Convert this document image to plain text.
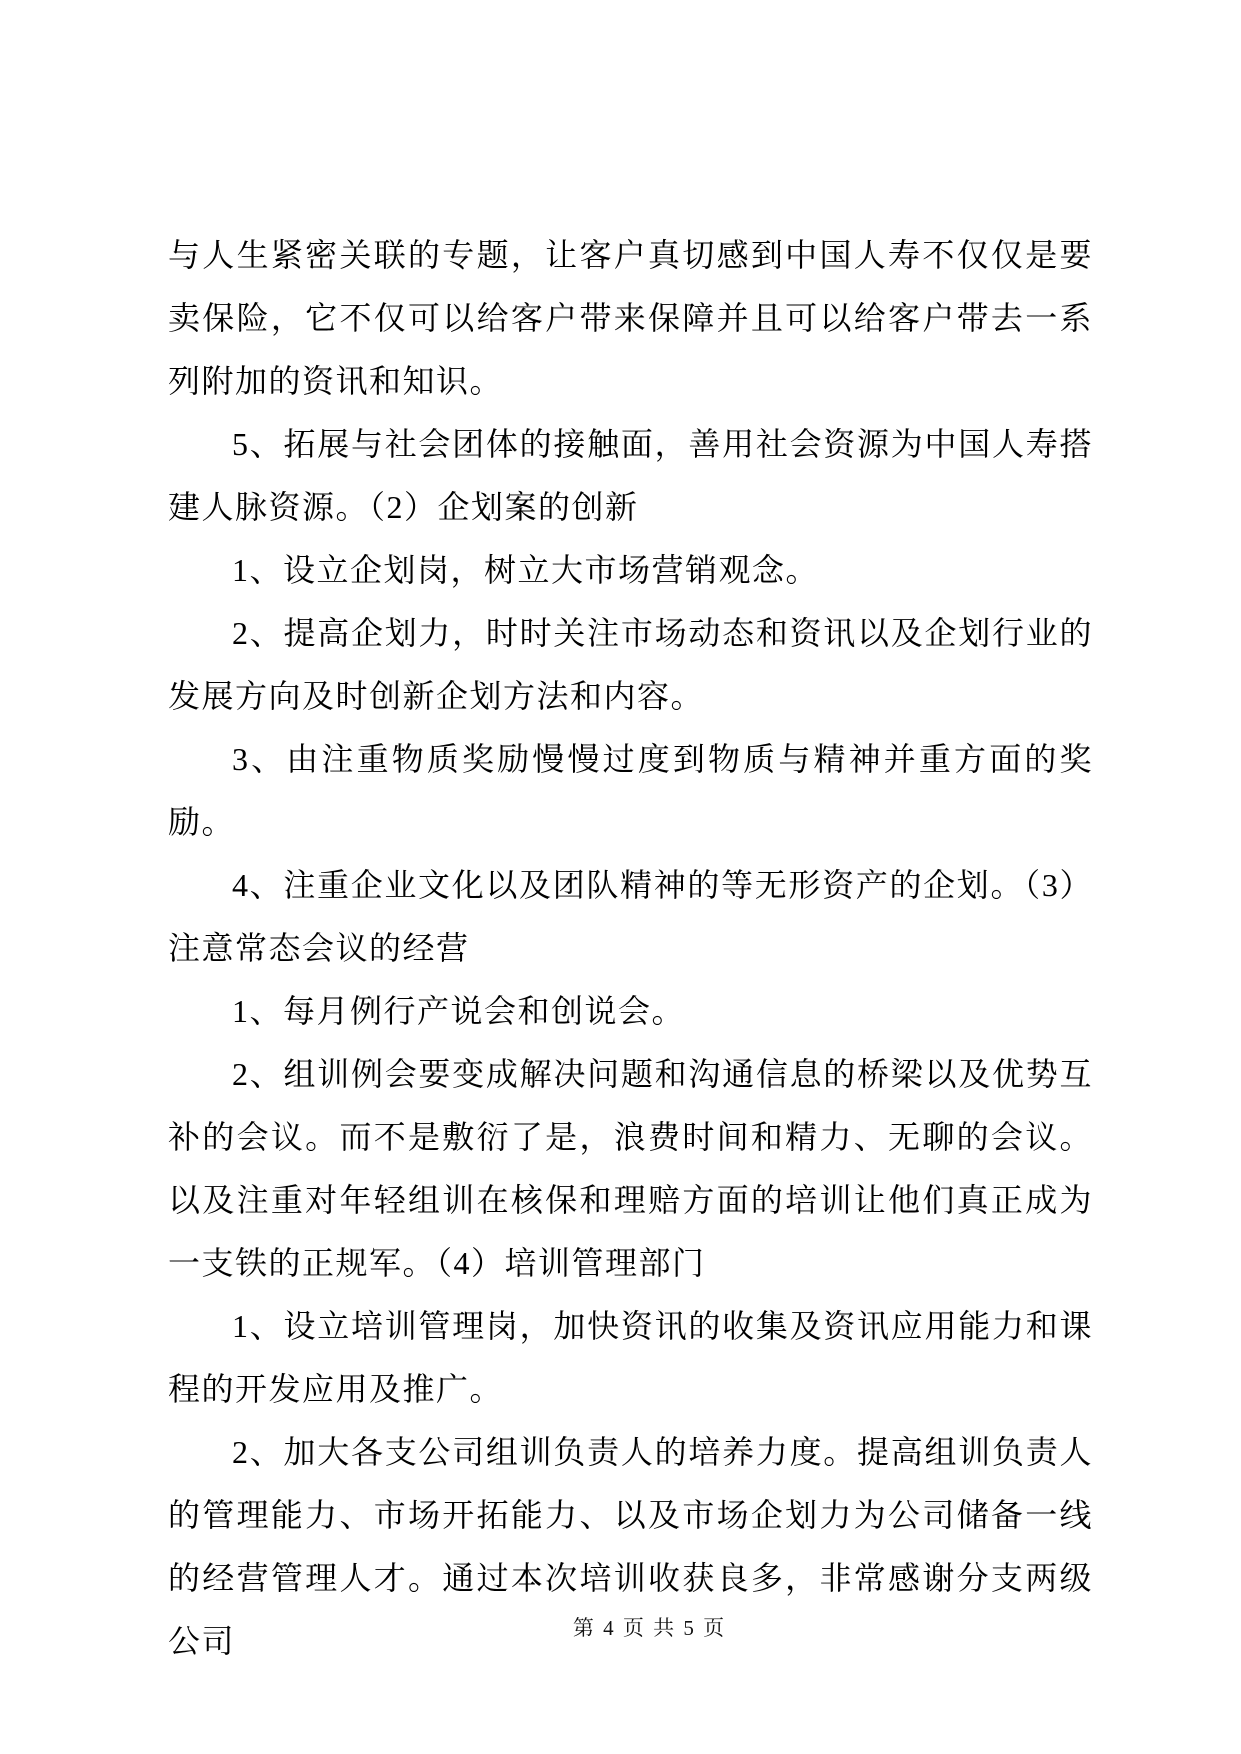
与人生紧密关联的专题，让客户真切感到中国人寿不仅仅是要卖保险，它不仅可以给客户带来保障并且可以给客户带去一系列附加的资讯和知识。

5、拓展与社会团体的接触面，善用社会资源为中国人寿搭建人脉资源。（2）企划案的创新

1、设立企划岗，树立大市场营销观念。

2、提高企划力，时时关注市场动态和资讯以及企划行业的发展方向及时创新企划方法和内容。

3、由注重物质奖励慢慢过度到物质与精神并重方面的奖励。

4、注重企业文化以及团队精神的等无形资产的企划。（3）注意常态会议的经营

1、每月例行产说会和创说会。

2、组训例会要变成解决问题和沟通信息的桥梁以及优势互补的会议。而不是敷衍了是，浪费时间和精力、无聊的会议。以及注重对年轻组训在核保和理赔方面的培训让他们真正成为一支铁的正规军。（4）培训管理部门

1、设立培训管理岗，加快资讯的收集及资讯应用能力和课程的开发应用及推广。

2、加大各支公司组训负责人的培养力度。提高组训负责人的管理能力、市场开拓能力、以及市场企划力为公司储备一线的经营管理人才。通过本次培训收获良多，非常感谢分支两级公司	第 4 页 共 5 页
